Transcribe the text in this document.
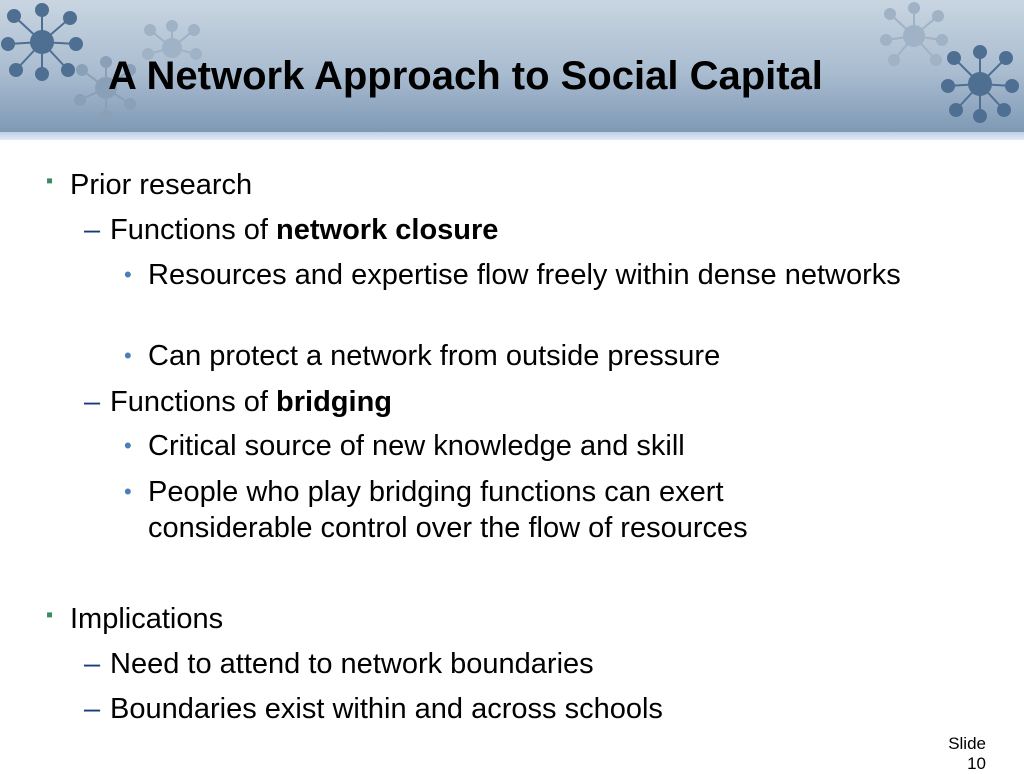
A Network Approach to Social Capital
▪ Prior research
– Functions of network closure
• Resources and expertise flow freely within dense networks
• Can protect a network from outside pressure
– Functions of bridging
• Critical source of new knowledge and skill
• People who play bridging functions can exert considerable control over the flow of resources
▪ Implications
– Need to attend to network boundaries
– Boundaries exist within and across schools
Slide
10
